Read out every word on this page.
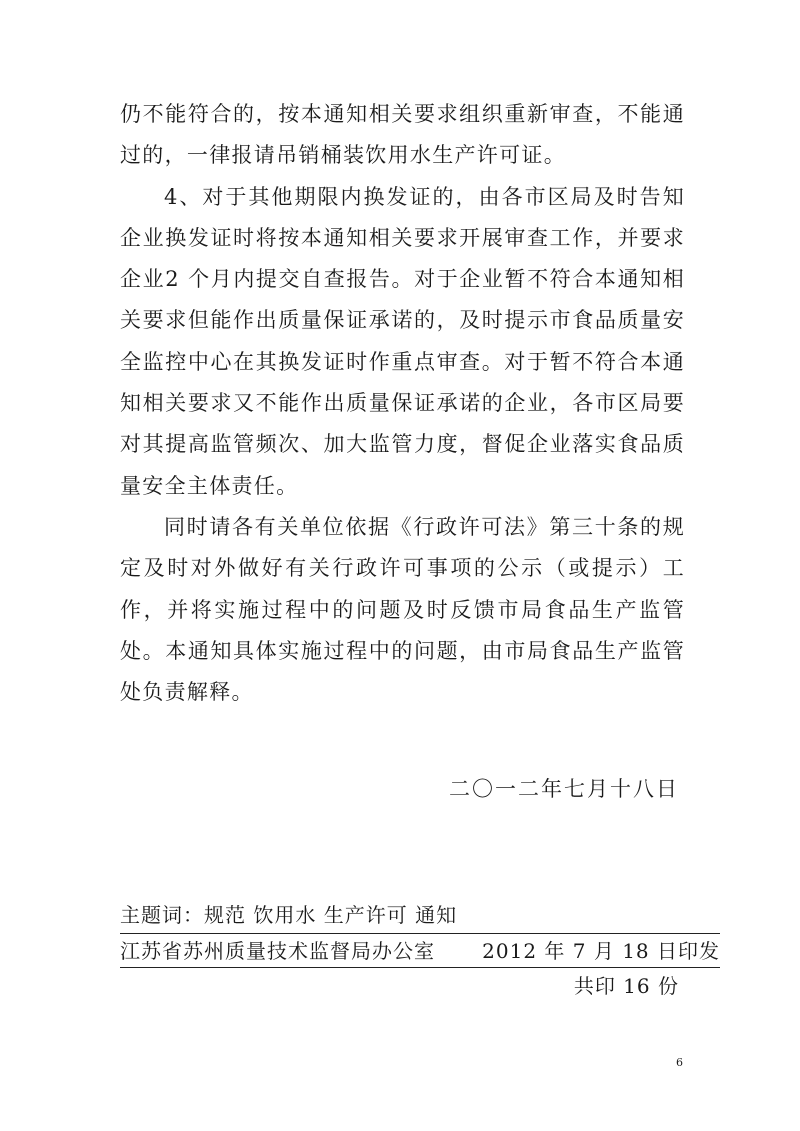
仍不能符合的，按本通知相关要求组织重新审查，不能通过的，一律报请吊销桶装饮用水生产许可证。

4、对于其他期限内换发证的，由各市区局及时告知企业换发证时将按本通知相关要求开展审查工作，并要求企业2 个月内提交自查报告。对于企业暂不符合本通知相关要求但能作出质量保证承诺的，及时提示市食品质量安全监控中心在其换发证时作重点审查。对于暂不符合本通知相关要求又不能作出质量保证承诺的企业，各市区局要对其提高监管频次、加大监管力度，督促企业落实食品质量安全主体责任。

同时请各有关单位依据《行政许可法》第三十条的规定及时对外做好有关行政许可事项的公示（或提示）工作，并将实施过程中的问题及时反馈市局食品生产监管处。本通知具体实施过程中的问题，由市局食品生产监管处负责解释。

二〇一二年七月十八日
主题词：规范 饮用水 生产许可 通知
江苏省苏州质量技术监督局办公室 2012 年 7 月 18 日印发
共印 16 份
6
